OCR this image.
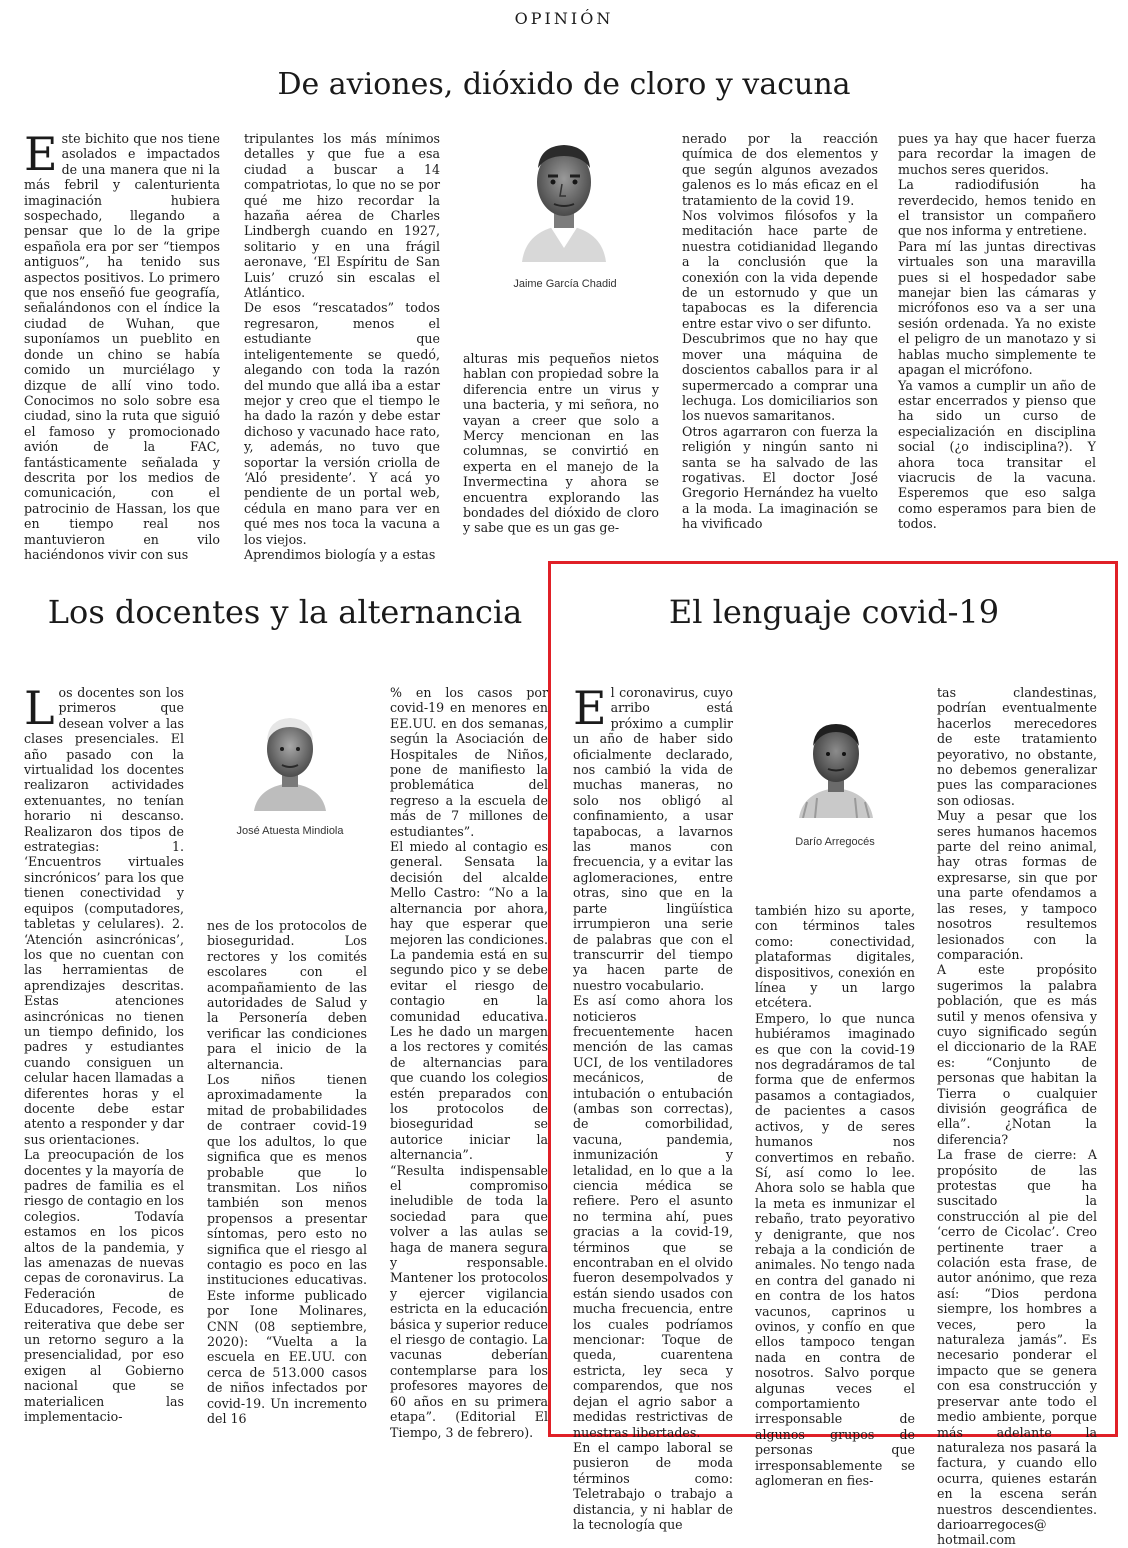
OPINIÓN
De aviones, dióxido de cloro y vacuna

Este bichito que nos tiene asolados e impactados de una manera que ni la más febril y calenturienta imaginación hubiera sospechado, llegando a pensar que lo de la gripe española era por ser “tiempos antiguos”, ha tenido sus aspectos positivos. Lo primero que nos enseñó fue geografía, señalándonos con el índice la ciudad de Wuhan, que suponíamos un pueblito en donde un chino se había comido un murciélago y dizque de allí vino todo. Conocimos no solo sobre esa ciudad, sino la ruta que siguió el famoso y promocionado avión de la FAC, fantásticamente señalada y descrita por los medios de comunicación, con el patrocinio de Hassan, los que en tiempo real nos mantuvieron en vilo haciéndonos vivir con sus

tripulantes los más mínimos detalles y que fue a esa ciudad a buscar a 14 compatriotas, lo que no se por qué me hizo recordar la hazaña aérea de Charles Lindbergh cuando en 1927, solitario y en una frágil aeronave, ‘El Espíritu de San Luis’ cruzó sin escalas el Atlántico.

De esos “rescatados” todos regresaron, menos el estudiante que inteligentemente se quedó, alegando con toda la razón del mundo que allá iba a estar mejor y creo que el tiempo le ha dado la razón y debe estar dichoso y vacunado hace rato, y, además, no tuvo que soportar la versión criolla de ‘Aló presidente’. Y acá yo pendiente de un portal web, cédula en mano para ver en qué mes nos toca la vacuna a los viejos.

Aprendimos biología y a estas

Jaime García Chadid

alturas mis pequeños nietos hablan con propiedad sobre la diferencia entre un virus y una bacteria, y mi señora, no vayan a creer que solo a Mercy mencionan en las columnas, se convirtió en experta en el manejo de la Invermectina y ahora se encuentra explorando las bondades del dióxido de cloro y sabe que es un gas ge-

nerado por la reacción química de dos elementos y que según algunos avezados galenos es lo más eficaz en el tratamiento de la covid 19.

Nos volvimos filósofos y la meditación hace parte de nuestra cotidianidad llegando a la conclusión que la conexión con la vida depende de un estornudo y que un tapabocas es la diferencia entre estar vivo o ser difunto.

Descubrimos que no hay que mover una máquina de doscientos caballos para ir al supermercado a comprar una lechuga. Los domiciliarios son los nuevos samaritanos.

Otros agarraron con fuerza la religión y ningún santo ni santa se ha salvado de las rogativas. El doctor José Gregorio Hernández ha vuelto a la moda. La imaginación se ha vivificado

pues ya hay que hacer fuerza para recordar la imagen de muchos seres queridos.

La radiodifusión ha reverdecido, hemos tenido en el transistor un compañero que nos informa y entretiene.

Para mí las juntas directivas virtuales son una maravilla pues si el hospedador sabe manejar bien las cámaras y micrófonos eso va a ser una sesión ordenada. Ya no existe el peligro de un manotazo y si hablas mucho simplemente te apagan el micrófono.

Ya vamos a cumplir un año de estar encerrados y pienso que ha sido un curso de especialización en disciplina social (¿o indisciplina?). Y ahora toca transitar el viacrucis de la vacuna. Esperemos que eso salga como esperamos para bien de todos.

Los docentes y la alternancia

Los docentes son los primeros que desean volver a las clases presenciales. El año pasado con la virtualidad los docentes realizaron actividades extenuantes, no tenían horario ni descanso. Realizaron dos tipos de estrategias: 1. ‘Encuentros virtuales sincrónicos’ para los que tienen conectividad y equipos (computadores, tabletas y celulares). 2. ‘Atención asincrónicas’, los que no cuentan con las herramientas de aprendizajes descritas. Estas atenciones asincrónicas no tienen un tiempo definido, los padres y estudiantes cuando consiguen un celular hacen llamadas a diferentes horas y el docente debe estar atento a responder y dar sus orientaciones.

La preocupación de los docentes y la mayoría de padres de familia es el riesgo de contagio en los colegios. Todavía estamos en los picos altos de la pandemia, y las amenazas de nuevas cepas de coronavirus. La Federación de Educadores, Fecode, es reiterativa que debe ser un retorno seguro a la presencialidad, por eso exigen al Gobierno nacional que se materialicen las implementacio-

José Atuesta Mindiola

nes de los protocolos de bioseguridad. Los rectores y los comités escolares con el acompañamiento de las autoridades de Salud y la Personería deben verificar las condiciones para el inicio de la alternancia.

Los niños tienen aproximadamente la mitad de probabilidades de contraer covid-19 que los adultos, lo que significa que es menos probable que lo transmitan. Los niños también son menos propensos a presentar síntomas, pero esto no significa que el riesgo al contagio es poco en las instituciones educativas. Este informe publicado por Ione Molinares, CNN (08 septiembre, 2020): “Vuelta a la escuela en EE.UU. con cerca de 513.000 casos de niños infectados por covid-19. Un incremento del 16

% en los casos por covid-19 en menores en EE.UU. en dos semanas, según la Asociación de Hospitales de Niños, pone de manifiesto la problemática del regreso a la escuela de más de 7 millones de estudiantes”.

El miedo al contagio es general. Sensata la decisión del alcalde Mello Castro: “No a la alternancia por ahora, hay que esperar que mejoren las condiciones. La pandemia está en su segundo pico y se debe evitar el riesgo de contagio en la comunidad educativa. Les he dado un margen a los rectores y comités de alternancias para que cuando los colegios estén preparados con los protocolos de bioseguridad se autorice iniciar la alternancia”.

“Resulta indispensable el compromiso ineludible de toda la sociedad para que volver a las aulas se haga de manera segura y responsable. Mantener los protocolos y ejercer vigilancia estricta en la educación básica y superior reduce el riesgo de contagio. La vacunas deberían contemplarse para los profesores mayores de 60 años en su primera etapa”. (Editorial El Tiempo, 3 de febrero).

El lenguaje covid-19

El coronavirus, cuyo arribo está próximo a cumplir un año de haber sido oficialmente declarado, nos cambió la vida de muchas maneras, no solo nos obligó al confinamiento, a usar tapabocas, a lavarnos las manos con frecuencia, y a evitar las aglomeraciones, entre otras, sino que en la parte lingüística irrumpieron una serie de palabras que con el transcurrir del tiempo ya hacen parte de nuestro vocabulario.

Es así como ahora los noticieros frecuentemente hacen mención de las camas UCI, de los ventiladores mecánicos, de intubación o entubación (ambas son correctas), de comorbilidad, vacuna, pandemia, inmunización y letalidad, en lo que a la ciencia médica se refiere. Pero el asunto no termina ahí, pues gracias a la covid-19, términos que se encontraban en el olvido fueron desempolvados y están siendo usados con mucha frecuencia, entre los cuales podríamos mencionar: Toque de queda, cuarentena estricta, ley seca y comparendos, que nos dejan el agrio sabor a medidas restrictivas de nuestras libertades.

En el campo laboral se pusieron de moda términos como: Teletrabajo o trabajo a distancia, y ni hablar de la tecnología que

Darío Arregocés

también hizo su aporte, con términos tales como: conectividad, plataformas digitales, dispositivos, conexión en línea y un largo etcétera.

Empero, lo que nunca hubiéramos imaginado es que con la covid-19 nos degradáramos de tal forma que de enfermos pasamos a contagiados, de pacientes a casos activos, y de seres humanos nos convertimos en rebaño. Sí, así como lo lee. Ahora solo se habla que la meta es inmunizar el rebaño, trato peyorativo y denigrante, que nos rebaja a la condición de animales. No tengo nada en contra del ganado ni en contra de los hatos vacunos, caprinos u ovinos, y confío en que ellos tampoco tengan nada en contra de nosotros. Salvo porque algunas veces el comportamiento irresponsable de algunos grupos de personas que irresponsablemente se aglomeran en fies-

tas clandestinas, podrían eventualmente hacerlos merecedores de este tratamiento peyorativo, no obstante, no debemos generalizar pues las comparaciones son odiosas.

Muy a pesar que los seres humanos hacemos parte del reino animal, hay otras formas de expresarse, sin que por una parte ofendamos a las reses, y tampoco nosotros resultemos lesionados con la comparación.

A este propósito sugerimos la palabra población, que es más sutil y menos ofensiva y cuyo significado según el diccionario de la RAE es: “Conjunto de personas que habitan la Tierra o cualquier división geográfica de ella”. ¿Notan la diferencia?

La frase de cierre: A propósito de las protestas que ha suscitado la construcción al pie del ‘cerro de Cicolac’. Creo pertinente traer a colación esta frase, de autor anónimo, que reza así: “Dios perdona siempre, los hombres a veces, pero la naturaleza jamás”. Es necesario ponderar el impacto que se genera con esa construcción y preservar ante todo el medio ambiente, porque más adelante la naturaleza nos pasará la factura, y cuando ello ocurra, quienes estarán en la escena serán nuestros descendientes. darioarregoces@ hotmail.com
